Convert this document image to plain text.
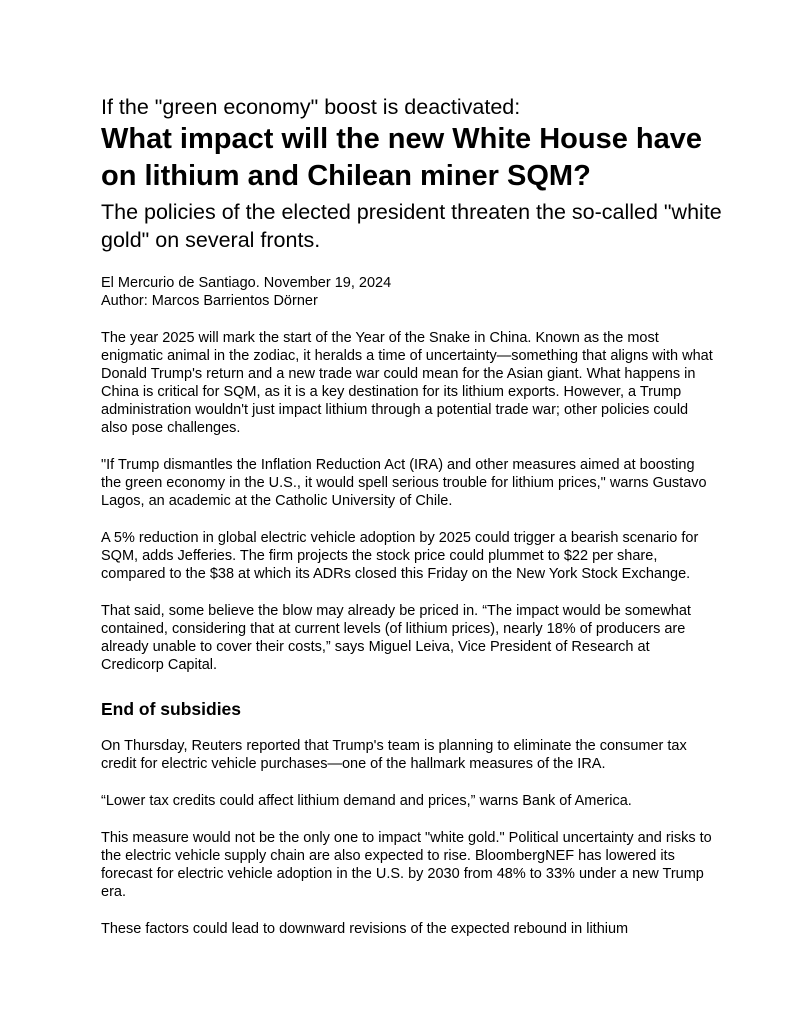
If the "green economy" boost is deactivated:

What impact will the new White House have on lithium and Chilean miner SQM?
The policies of the elected president threaten the so-called "white gold" on several fronts.
El Mercurio de Santiago. November 19, 2024
Author: Marcos Barrientos Dörner

The year 2025 will mark the start of the Year of the Snake in China. Known as the most enigmatic animal in the zodiac, it heralds a time of uncertainty—something that aligns with what Donald Trump's return and a new trade war could mean for the Asian giant. What happens in China is critical for SQM, as it is a key destination for its lithium exports. However, a Trump administration wouldn't just impact lithium through a potential trade war; other policies could also pose challenges.

"If Trump dismantles the Inflation Reduction Act (IRA) and other measures aimed at boosting the green economy in the U.S., it would spell serious trouble for lithium prices," warns Gustavo Lagos, an academic at the Catholic University of Chile.

A 5% reduction in global electric vehicle adoption by 2025 could trigger a bearish scenario for SQM, adds Jefferies. The firm projects the stock price could plummet to $22 per share, compared to the $38 at which its ADRs closed this Friday on the New York Stock Exchange.

That said, some believe the blow may already be priced in. “The impact would be somewhat contained, considering that at current levels (of lithium prices), nearly 18% of producers are already unable to cover their costs,” says Miguel Leiva, Vice President of Research at Credicorp Capital.

End of subsidies

On Thursday, Reuters reported that Trump's team is planning to eliminate the consumer tax credit for electric vehicle purchases—one of the hallmark measures of the IRA.

“Lower tax credits could affect lithium demand and prices,” warns Bank of America.

This measure would not be the only one to impact "white gold." Political uncertainty and risks to the electric vehicle supply chain are also expected to rise. BloombergNEF has lowered its forecast for electric vehicle adoption in the U.S. by 2030 from 48% to 33% under a new Trump era.

These factors could lead to downward revisions of the expected rebound in lithium
